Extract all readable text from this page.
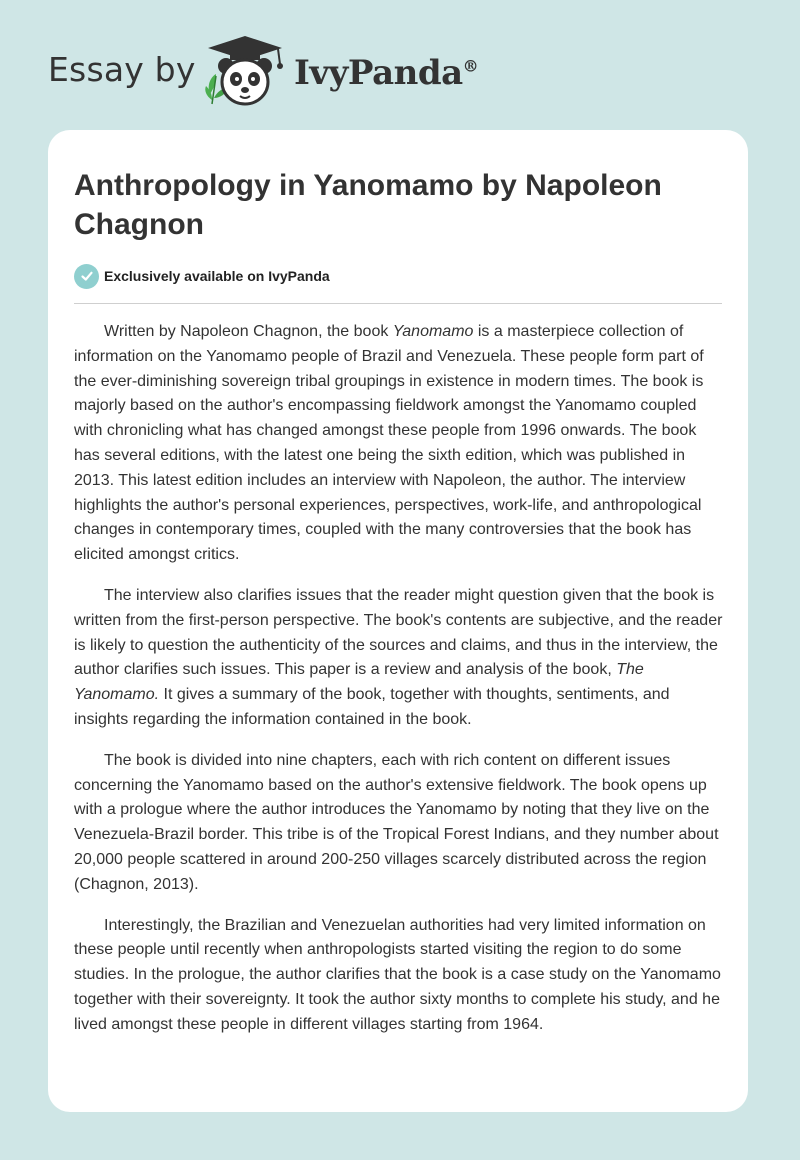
Essay by	IvyPanda®
Anthropology in Yanomamo by Napoleon Chagnon
Exclusively available on IvyPanda

Written by Napoleon Chagnon, the book Yanomamo is a masterpiece collection of information on the Yanomamo people of Brazil and Venezuela. These people form part of the ever-diminishing sovereign tribal groupings in existence in modern times. The book is majorly based on the author's encompassing fieldwork amongst the Yanomamo coupled with chronicling what has changed amongst these people from 1996 onwards. The book has several editions, with the latest one being the sixth edition, which was published in 2013. This latest edition includes an interview with Napoleon, the author. The interview highlights the author's personal experiences, perspectives, work-life, and anthropological changes in contemporary times, coupled with the many controversies that the book has elicited amongst critics.

The interview also clarifies issues that the reader might question given that the book is written from the first-person perspective. The book's contents are subjective, and the reader is likely to question the authenticity of the sources and claims, and thus in the interview, the author clarifies such issues. This paper is a review and analysis of the book, The Yanomamo. It gives a summary of the book, together with thoughts, sentiments, and insights regarding the information contained in the book.

The book is divided into nine chapters, each with rich content on different issues concerning the Yanomamo based on the author's extensive fieldwork. The book opens up with a prologue where the author introduces the Yanomamo by noting that they live on the Venezuela-Brazil border. This tribe is of the Tropical Forest Indians, and they number about 20,000 people scattered in around 200-250 villages scarcely distributed across the region (Chagnon, 2013).

Interestingly, the Brazilian and Venezuelan authorities had very limited information on these people until recently when anthropologists started visiting the region to do some studies. In the prologue, the author clarifies that the book is a case study on the Yanomamo together with their sovereignty. It took the author sixty months to complete his study, and he lived amongst these people in different villages starting from 1964.
